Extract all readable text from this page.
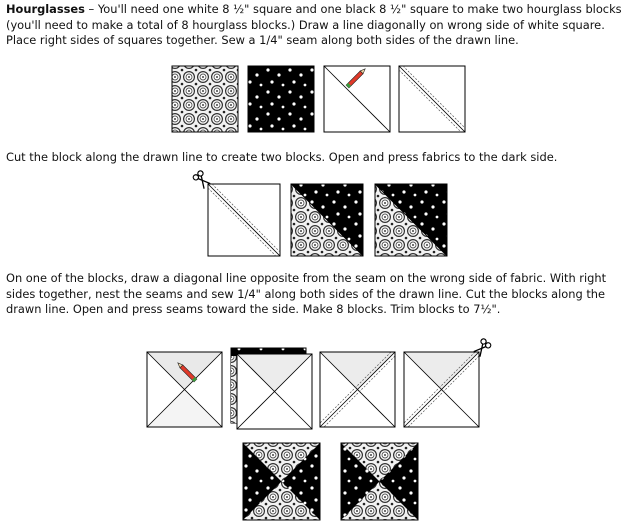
Hourglasses – You'll need one white 8 ½" square and one black 8 ½" square to make two hourglass blocks (you'll need to make a total of 8 hourglass blocks.) Draw a line diagonally on wrong side of white square. Place right sides of squares together. Sew a 1/4" seam along both sides of the drawn line.

Cut the block along the drawn line to create two blocks. Open and press fabrics to the dark side.

On one of the blocks, draw a diagonal line opposite from the seam on the wrong side of fabric. With right sides together, nest the seams and sew 1/4" along both sides of the drawn line. Cut the blocks along the drawn line. Open and press seams toward the side. Make 8 blocks. Trim blocks to 7½".
